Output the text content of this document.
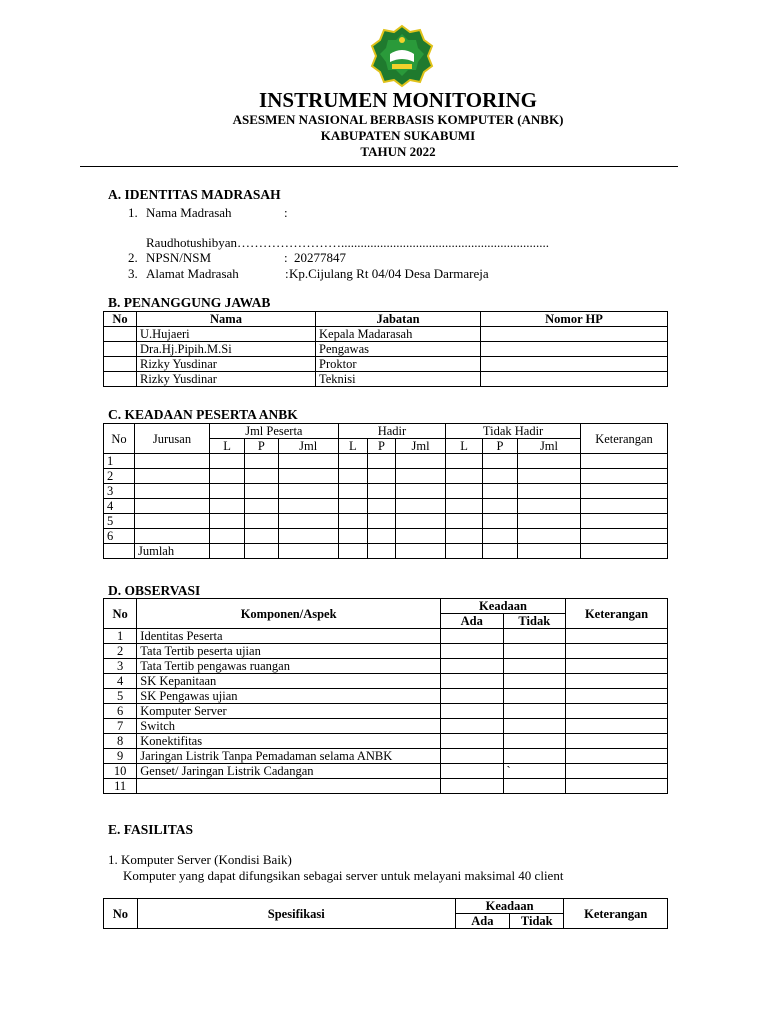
INSTRUMEN MONITORING
ASESMEN NASIONAL BERBASIS KOMPUTER (ANBK)
KABUPATEN SUKABUMI
TAHUN 2022
A. IDENTITAS MADRASAH
1. Nama Madrasah	:
Raudhotushibyan……………………................................................................
2. NPSN/NSM	: 20277847
3. Alamat Madrasah	: Kp.Cijulang Rt 04/04 Desa Darmareja
B. PENANGGUNG JAWAB
No	Nama	Jabatan	Nomor HP
	U.Hujaeri	Kepala Madarasah	
	Dra.Hj.Pipih.M.Si	Pengawas	
	Rizky Yusdinar	Proktor	
	Rizky Yusdinar	Teknisi	
C. KEADAAN PESERTA ANBK
No	Jurusan	Jml Peserta			Hadir			Tidak Hadir			Keterangan
		L	P	Jml	L	P	Jml	L	P	Jml	
1											
2											
3											
4											
5											
6											
	Jumlah										
D. OBSERVASI
No	Komponen/Aspek	Keadaan		Keterangan
		Ada	Tidak	
1	Identitas Peserta			
2	Tata Tertib peserta ujian			
3	Tata Tertib pengawas ruangan			
4	SK Kepanitaan			
5	SK Pengawas ujian			
6	Komputer Server			
7	Switch			
8	Konektifitas			
9	Jaringan Listrik Tanpa Pemadaman selama ANBK			
10	Genset/ Jaringan Listrik Cadangan		`	
11				
E. FASILITAS
1. Komputer Server (Kondisi Baik)
Komputer yang dapat difungsikan sebagai server untuk melayani maksimal 40 client
No	Spesifikasi	Keadaan		Keterangan
		Ada	Tidak	
